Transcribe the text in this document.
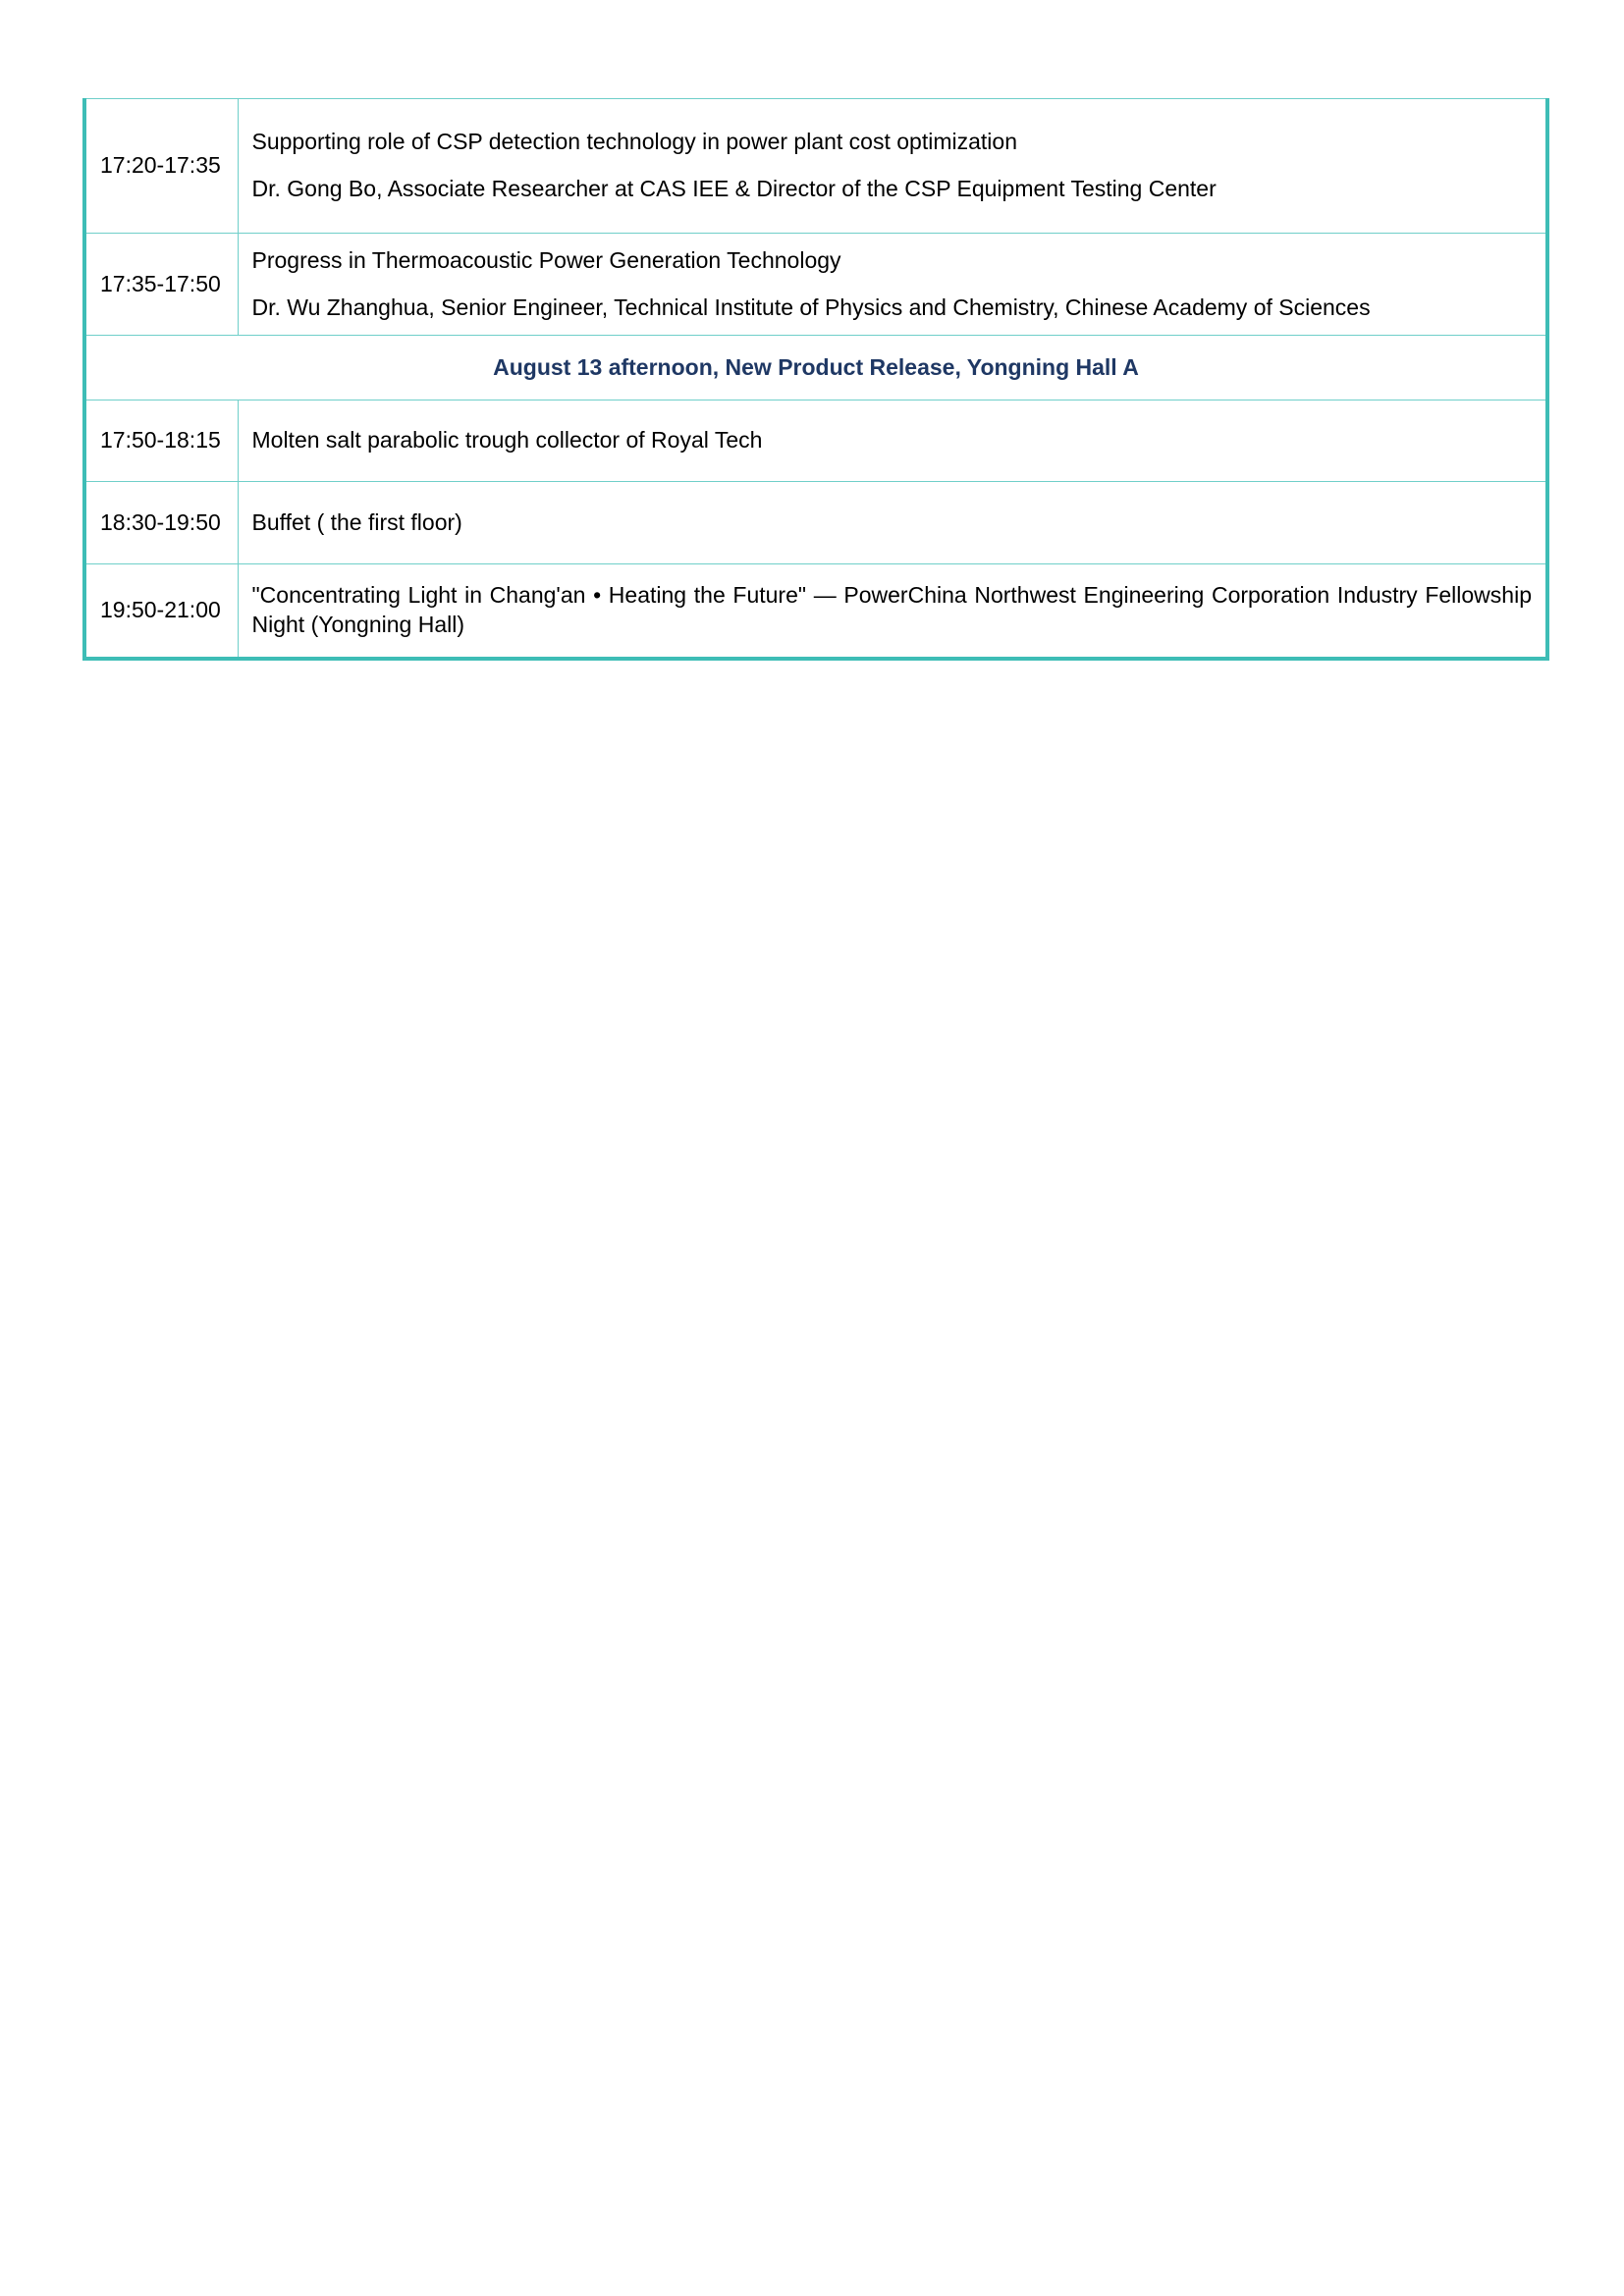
17:20-17:35	Supporting role of CSP detection technology in power plant cost optimization
Dr. Gong Bo, Associate Researcher at CAS IEE & Director of the CSP Equipment Testing Center

17:35-17:50	Progress in Thermoacoustic Power Generation Technology
Dr. Wu Zhanghua, Senior Engineer, Technical Institute of Physics and Chemistry, Chinese Academy of Sciences

August 13 afternoon, New Product Release, Yongning Hall A	
17:50-18:15	Molten salt parabolic trough collector of Royal Tech

18:30-19:50	Buffet ( the first floor)

19:50-21:00	"Concentrating Light in Chang'an • Heating the Future" — PowerChina Northwest Engineering Corporation Industry Fellowship Night (Yongning Hall)
